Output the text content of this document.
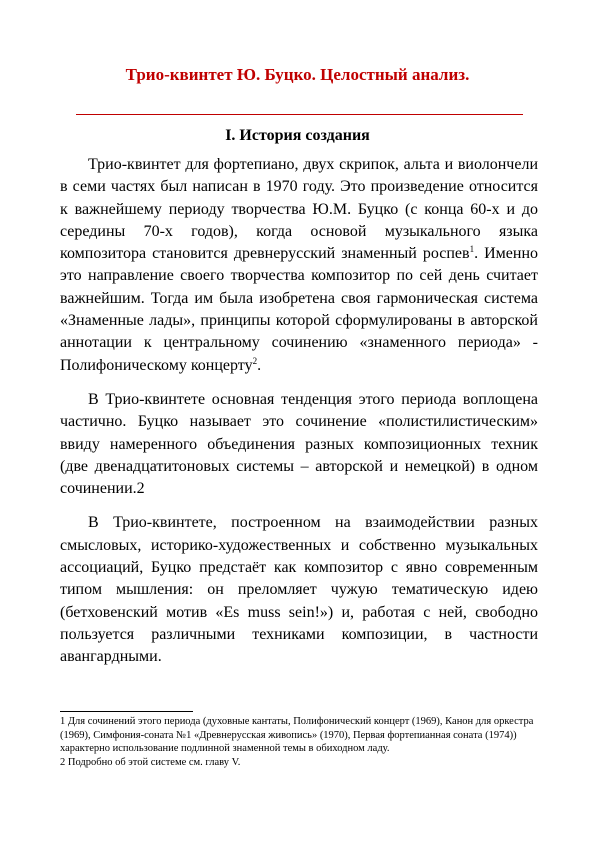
Трио-квинтет Ю. Буцко. Целостный анализ.
I. История создания

Трио-квинтет для фортепиано, двух скрипок, альта и виолончели в семи частях был написан в 1970 году. Это произведение относится к важнейшему периоду творчества Ю.М. Буцко (с конца 60-х и до середины 70-х годов), когда основой музыкального языка композитора становится древнерусский знаменный роспев$^1$. Именно это направление своего творчества композитор по сей день считает важнейшим. Тогда им была изобретена своя гармоническая система «Знаменные лады», принципы которой сформулированы в авторской аннотации к центральному сочинению «знаменного периода» - Полифоническому концерту$^2$.

В Трио-квинтете основная тенденция этого периода воплощена частично. Буцко называет это сочинение «полистилистическим» ввиду намеренного объединения разных композиционных техник (две двенадцатитоновых системы – авторской и немецкой) в одном сочинении.2

В Трио-квинтете, построенном на взаимодействии разных смысловых, историко-художественных и собственно музыкальных ассоциаций, Буцко предстаёт как композитор с явно современным типом мышления: он преломляет чужую тематическую идею (бетховенский мотив «Es muss sein!») и, работая с ней, свободно пользуется различными техниками композиции, в частности авангардными.

1 Для сочинений этого периода (духовные кантаты, Полифонический концерт (1969), Канон для оркестра (1969), Симфония-соната №1 «Древнерусская живопись» (1970), Первая фортепианная соната (1974)) характерно использование подлинной знаменной темы в обиходном ладу.

2 Подробно об этой системе см. главу V.
